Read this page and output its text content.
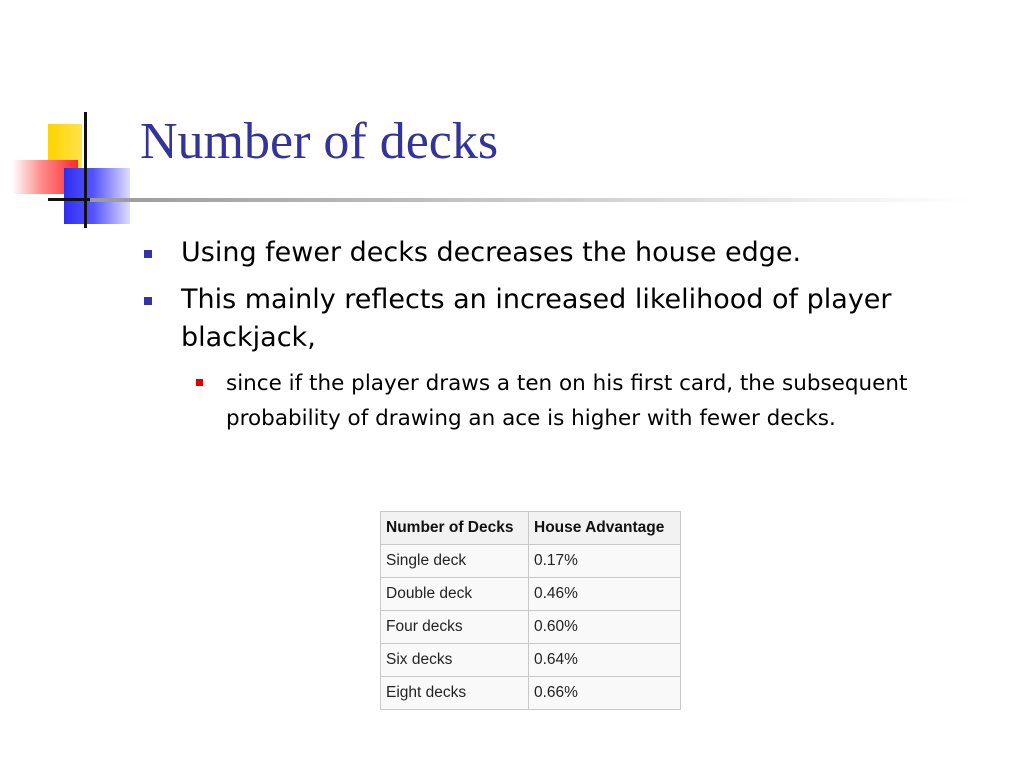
Number of decks
Using fewer decks decreases the house edge.
This mainly reflects an increased likelihood of player blackjack,
since if the player draws a ten on his first card, the subsequent probability of drawing an ace is higher with fewer decks.
Number of Decks	House Advantage
Single deck	0.17%
Double deck	0.46%
Four decks	0.60%
Six decks	0.64%
Eight decks	0.66%
